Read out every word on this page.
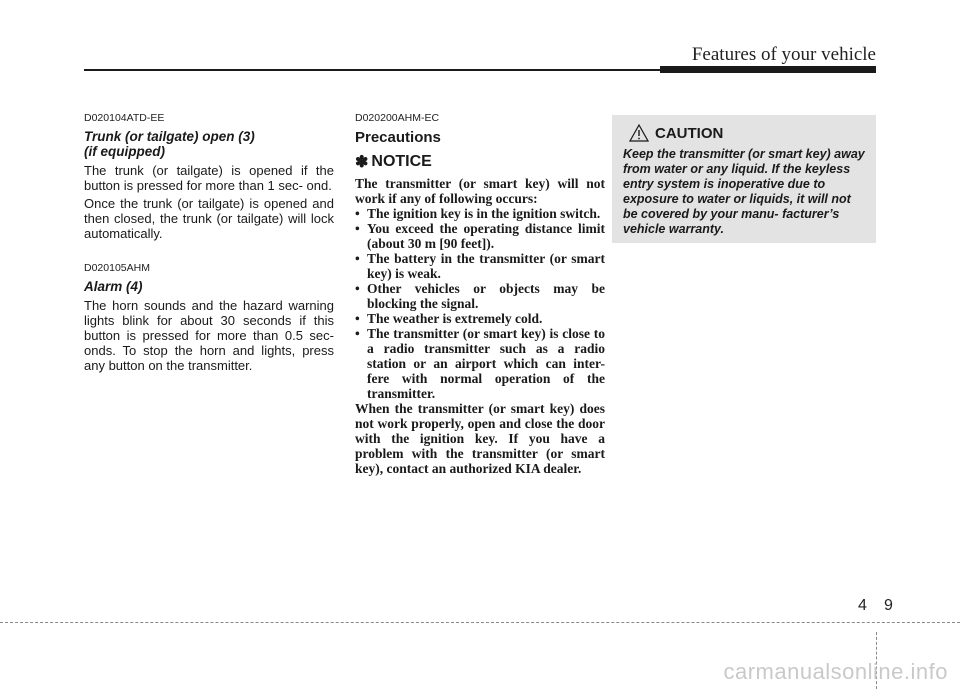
Features of your vehicle
D020104ATD-EE
Trunk (or tailgate) open (3)
(if equipped)

The trunk (or tailgate) is opened if the button is pressed for more than 1 sec- ond.

Once the trunk (or tailgate) is opened and then closed, the trunk (or tailgate) will lock automatically.

D020105AHM
Alarm (4)

The horn sounds and the hazard warning lights blink for about 30 seconds if this button is pressed for more than 0.5 sec- onds. To stop the horn and lights, press any button on the transmitter.

D020200AHM-EC
Precautions
✽ NOTICE

The transmitter (or smart key) will not work if any of following occurs:

• The ignition key is in the ignition switch.
• You exceed the operating distance limit (about 30 m [90 feet]).
• The battery in the transmitter (or smart key) is weak.
• Other vehicles or objects may be blocking the signal.
• The weather is extremely cold.
• The transmitter (or smart key) is close to a radio transmitter such as a radio station or an airport which can inter- fere with normal operation of the transmitter.

When the transmitter (or smart key) does not work properly, open and close the door with the ignition key. If you have a problem with the transmitter (or smart key), contact an authorized KIA dealer.

CAUTION
Keep the transmitter (or smart key) away from water or any liquid. If the keyless entry system is inoperative due to exposure to water or liquids, it will not be covered by your manu- facturer’s vehicle warranty.
4 9
carmanualsonline.info
